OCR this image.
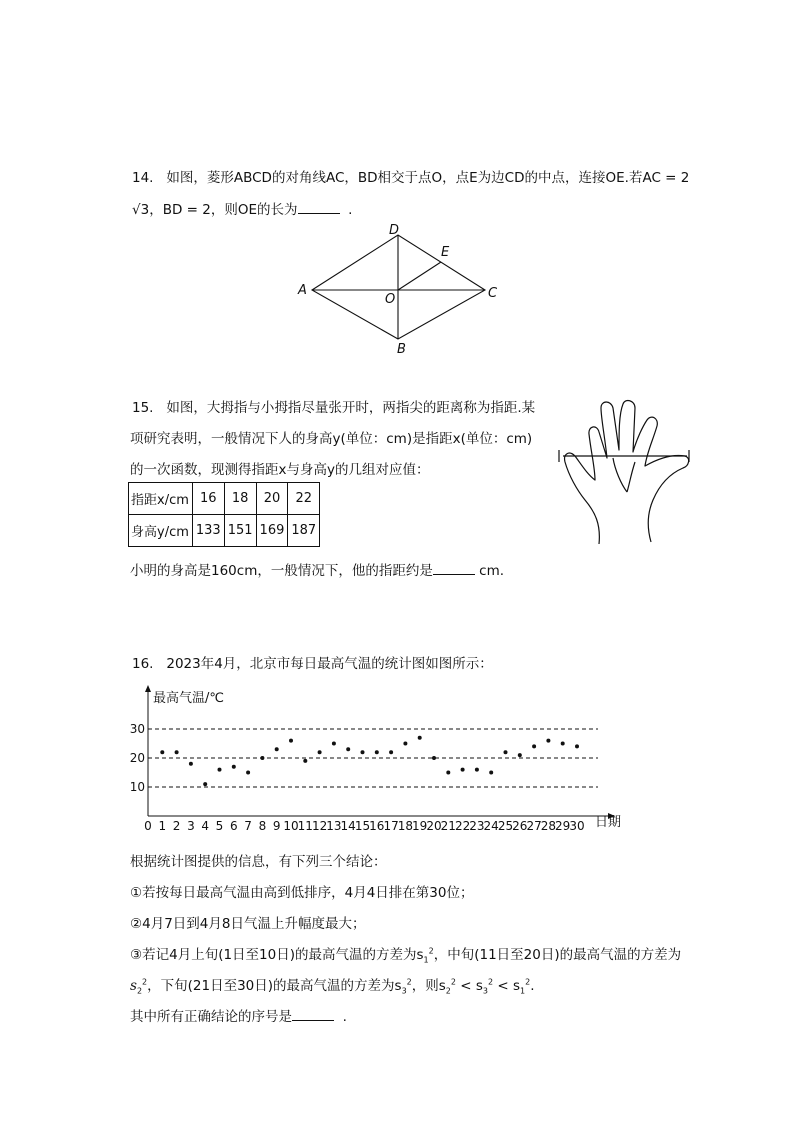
14. 如图，菱形ABCD的对角线AC，BD相交于点O，点E为边CD的中点，连接OE.若AC = 2
√3，BD = 2，则OE的长为	.
D
E
A
O	C
B
15. 如图，大拇指与小拇指尽量张开时，两指尖的距离称为指距.某
项研究表明，一般情况下人的身高y(单位：cm)是指距x(单位：cm)
的一次函数，现测得指距x与身高y的几组对应值：
指距x/cm	16	18	20	22
身高y/cm	133	151	169	187
小明的身高是160cm，一般情况下，他的指距约是	cm.
16. 2023年4月，北京市每日最高气温的统计图如图所示：
最高气温/℃
日期
10
20
30
0 1 2 3 4 5 6 7 8 9 10 11 12 13 14 15 16 17 18 19 20 21 22 23 24 25 26 27 28 29 30
根据统计图提供的信息，有下列三个结论：
①若按每日最高气温由高到低排序，4月4日排在第30位；
②4月7日到4月8日气温上升幅度最大；
③若记4月上旬(1日至10日)的最高气温的方差为$s_1^2$，中旬(11日至20日)的最高气温的方差为
$s_2^2$，下旬(21日至30日)的最高气温的方差为$s_3^2$，则$s_2^2 < s_3^2 < s_1^2$.
其中所有正确结论的序号是	.
